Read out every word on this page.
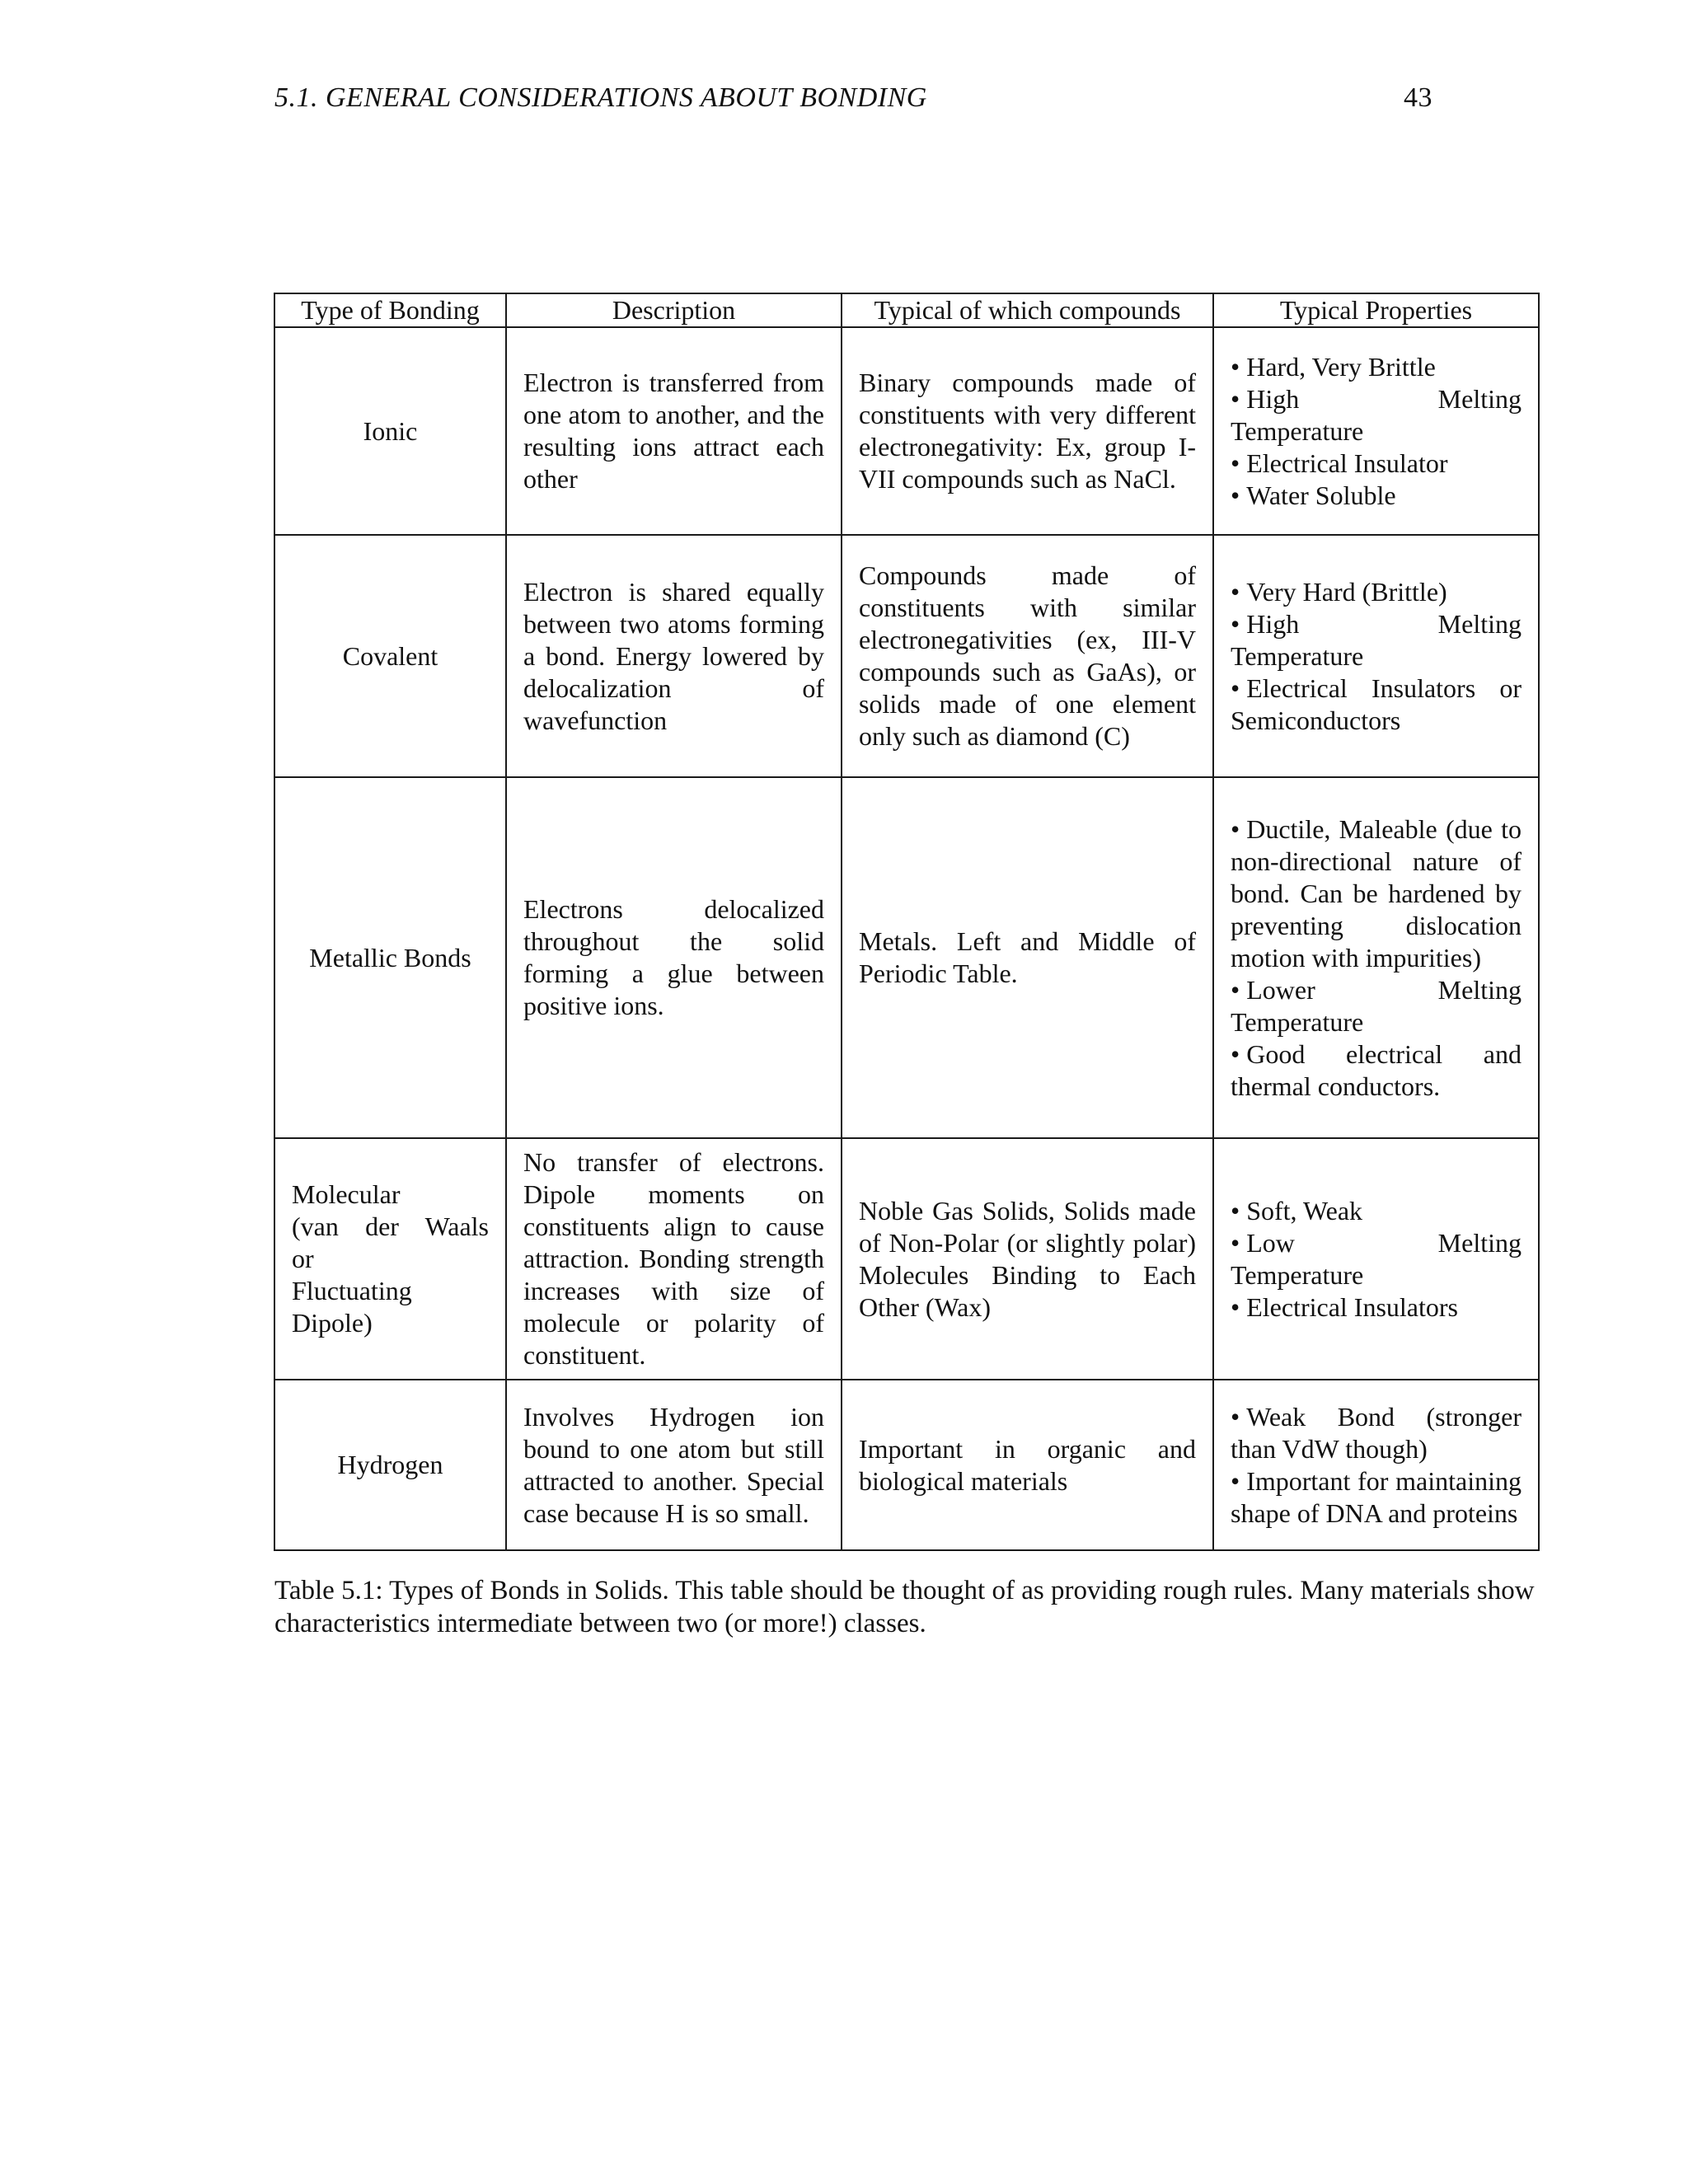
5.1. GENERAL CONSIDERATIONS ABOUT BONDING	43
Type of Bonding	Description	Typical of which compounds	Typical Properties
Ionic	Electron is transferred from one atom to another, and the resulting ions attract each other	Binary compounds made of constituents with very different electronegativity: Ex, group I-VII compounds such as NaCl.	• Hard, Very Brittle
• High Melting Temperature
• Electrical Insulator
• Water Soluble

Covalent	Electron is shared equally between two atoms forming a bond. Energy lowered by delocalization of wavefunction	Compounds made of constituents with similar electronegativities (ex, III-V compounds such as GaAs), or solids made of one element only such as diamond (C)	• Very Hard (Brittle)
• High Melting Temperature
• Electrical Insulators or Semiconductors

Metallic Bonds	Electrons delocalized throughout the solid forming a glue between positive ions.	Metals. Left and Middle of Periodic Table.	• Ductile, Maleable (due to non-directional nature of bond. Can be hardened by preventing dislocation motion with impurities)
• Lower Melting Temperature
• Good electrical and thermal conductors.

Molecular
(van der Waals
or
Fluctuating
Dipole)	No transfer of electrons. Dipole moments on constituents align to cause attraction. Bonding strength increases with size of molecule or polarity of constituent.	Noble Gas Solids, Solids made of Non-Polar (or slightly polar) Molecules Binding to Each Other (Wax)	• Soft, Weak
• Low Melting Temperature
• Electrical Insulators

Hydrogen	Involves Hydrogen ion bound to one atom but still attracted to another. Special case because H is so small.	Important in organic and biological materials	• Weak Bond (stronger than VdW though)
• Important for maintaining shape of DNA and proteins
Table 5.1: Types of Bonds in Solids. This table should be thought of as providing rough rules. Many materials show characteristics intermediate between two (or more!) classes.
